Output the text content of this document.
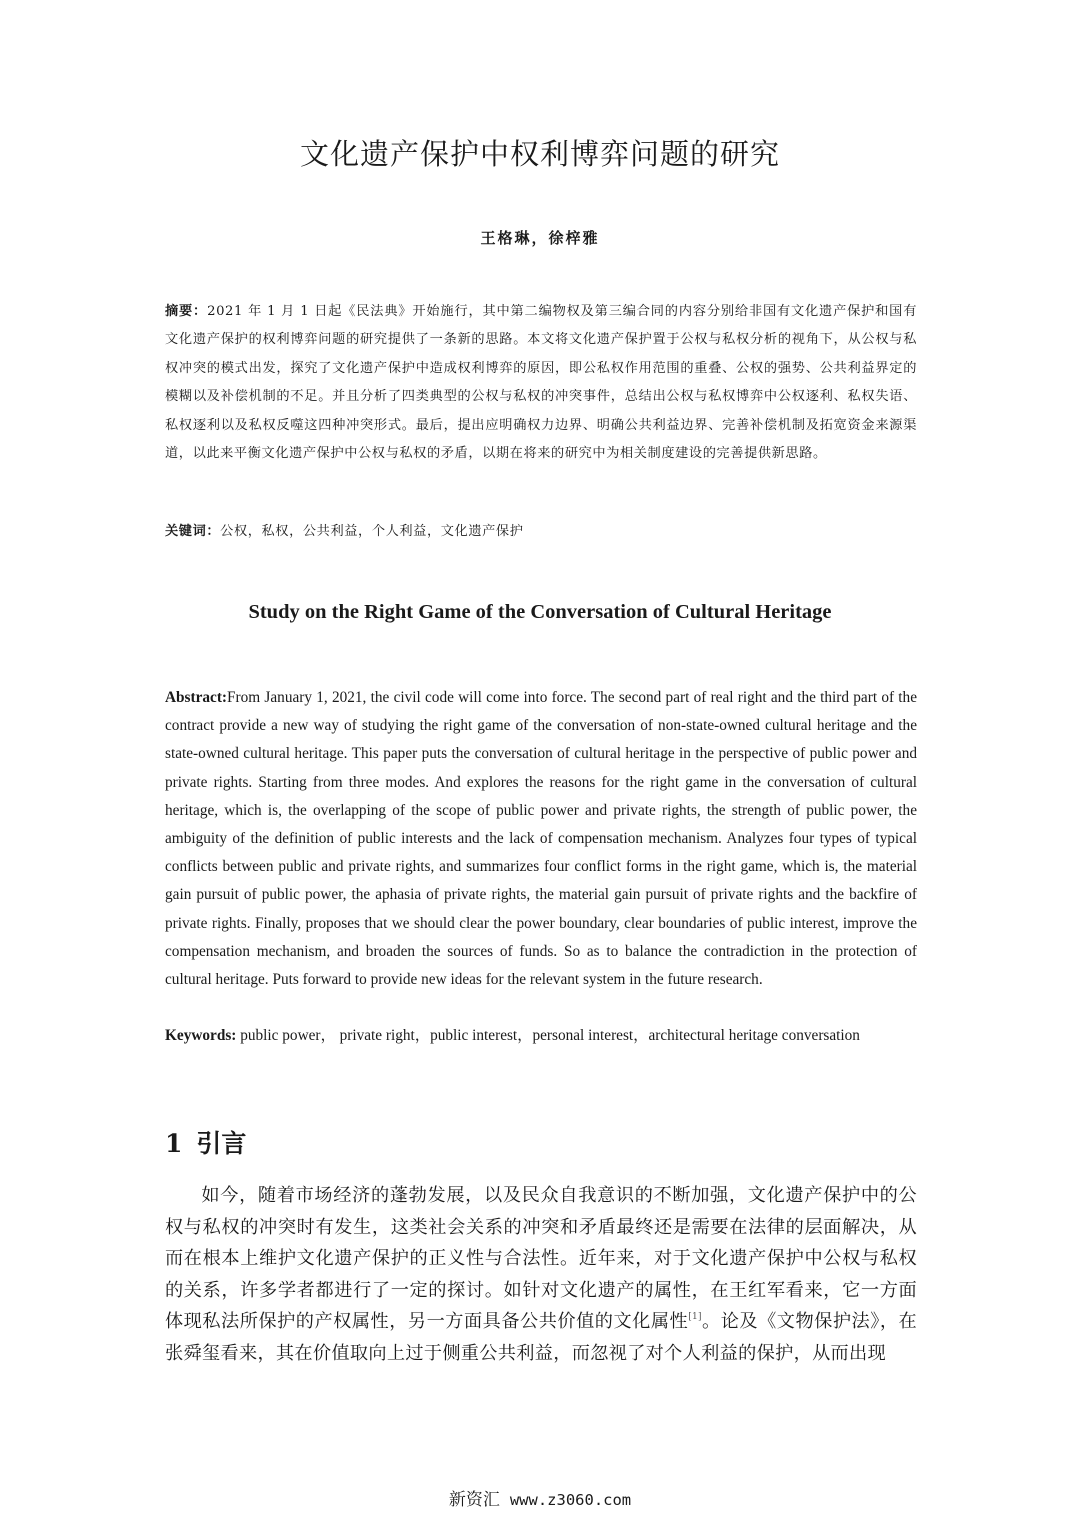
文化遗产保护中权利博弈问题的研究
王格琳，徐梓雅
摘要：2021 年 1 月 1 日起《民法典》开始施行，其中第二编物权及第三编合同的内容分别给非国有文化遗产保护和国有文化遗产保护的权利博弈问题的研究提供了一条新的思路。本文将文化遗产保护置于公权与私权分析的视角下，从公权与私权冲突的模式出发，探究了文化遗产保护中造成权利博弈的原因，即公私权作用范围的重叠、公权的强势、公共利益界定的模糊以及补偿机制的不足。并且分析了四类典型的公权与私权的冲突事件，总结出公权与私权博弈中公权逐利、私权失语、私权逐利以及私权反噬这四种冲突形式。最后，提出应明确权力边界、明确公共利益边界、完善补偿机制及拓宽资金来源渠道，以此来平衡文化遗产保护中公权与私权的矛盾，以期在将来的研究中为相关制度建设的完善提供新思路。
关键词：公权，私权，公共利益，个人利益，文化遗产保护
Study on the Right Game of the Conversation of Cultural Heritage
Abstract:From January 1, 2021, the civil code will come into force. The second part of real right and the third part of the contract provide a new way of studying the right game of the conversation of non-state-owned cultural heritage and the state-owned cultural heritage. This paper puts the conversation of cultural heritage in the perspective of public power and private rights. Starting from three modes. And explores the reasons for the right game in the conversation of cultural heritage, which is, the overlapping of the scope of public power and private rights, the strength of public power, the ambiguity of the definition of public interests and the lack of compensation mechanism. Analyzes four types of typical conflicts between public and private rights, and summarizes four conflict forms in the right game, which is, the material gain pursuit of public power, the aphasia of private rights, the material gain pursuit of private rights and the backfire of private rights. Finally, proposes that we should clear the power boundary, clear boundaries of public interest, improve the compensation mechanism, and broaden the sources of funds. So as to balance the contradiction in the protection of cultural heritage. Puts forward to provide new ideas for the relevant system in the future research.
Keywords: public power， private right，public interest，personal interest，architectural heritage conversation
1 引言
如今，随着市场经济的蓬勃发展，以及民众自我意识的不断加强，文化遗产保护中的公权与私权的冲突时有发生，这类社会关系的冲突和矛盾最终还是需要在法律的层面解决，从而在根本上维护文化遗产保护的正义性与合法性。近年来，对于文化遗产保护中公权与私权的关系，许多学者都进行了一定的探讨。如针对文化遗产的属性，在王红军看来，它一方面体现私法所保护的产权属性，另一方面具备公共价值的文化属性[1]。论及《文物保护法》，在张舜玺看来，其在价值取向上过于侧重公共利益，而忽视了对个人利益的保护，从而出现
新资汇 www.z3060.com
